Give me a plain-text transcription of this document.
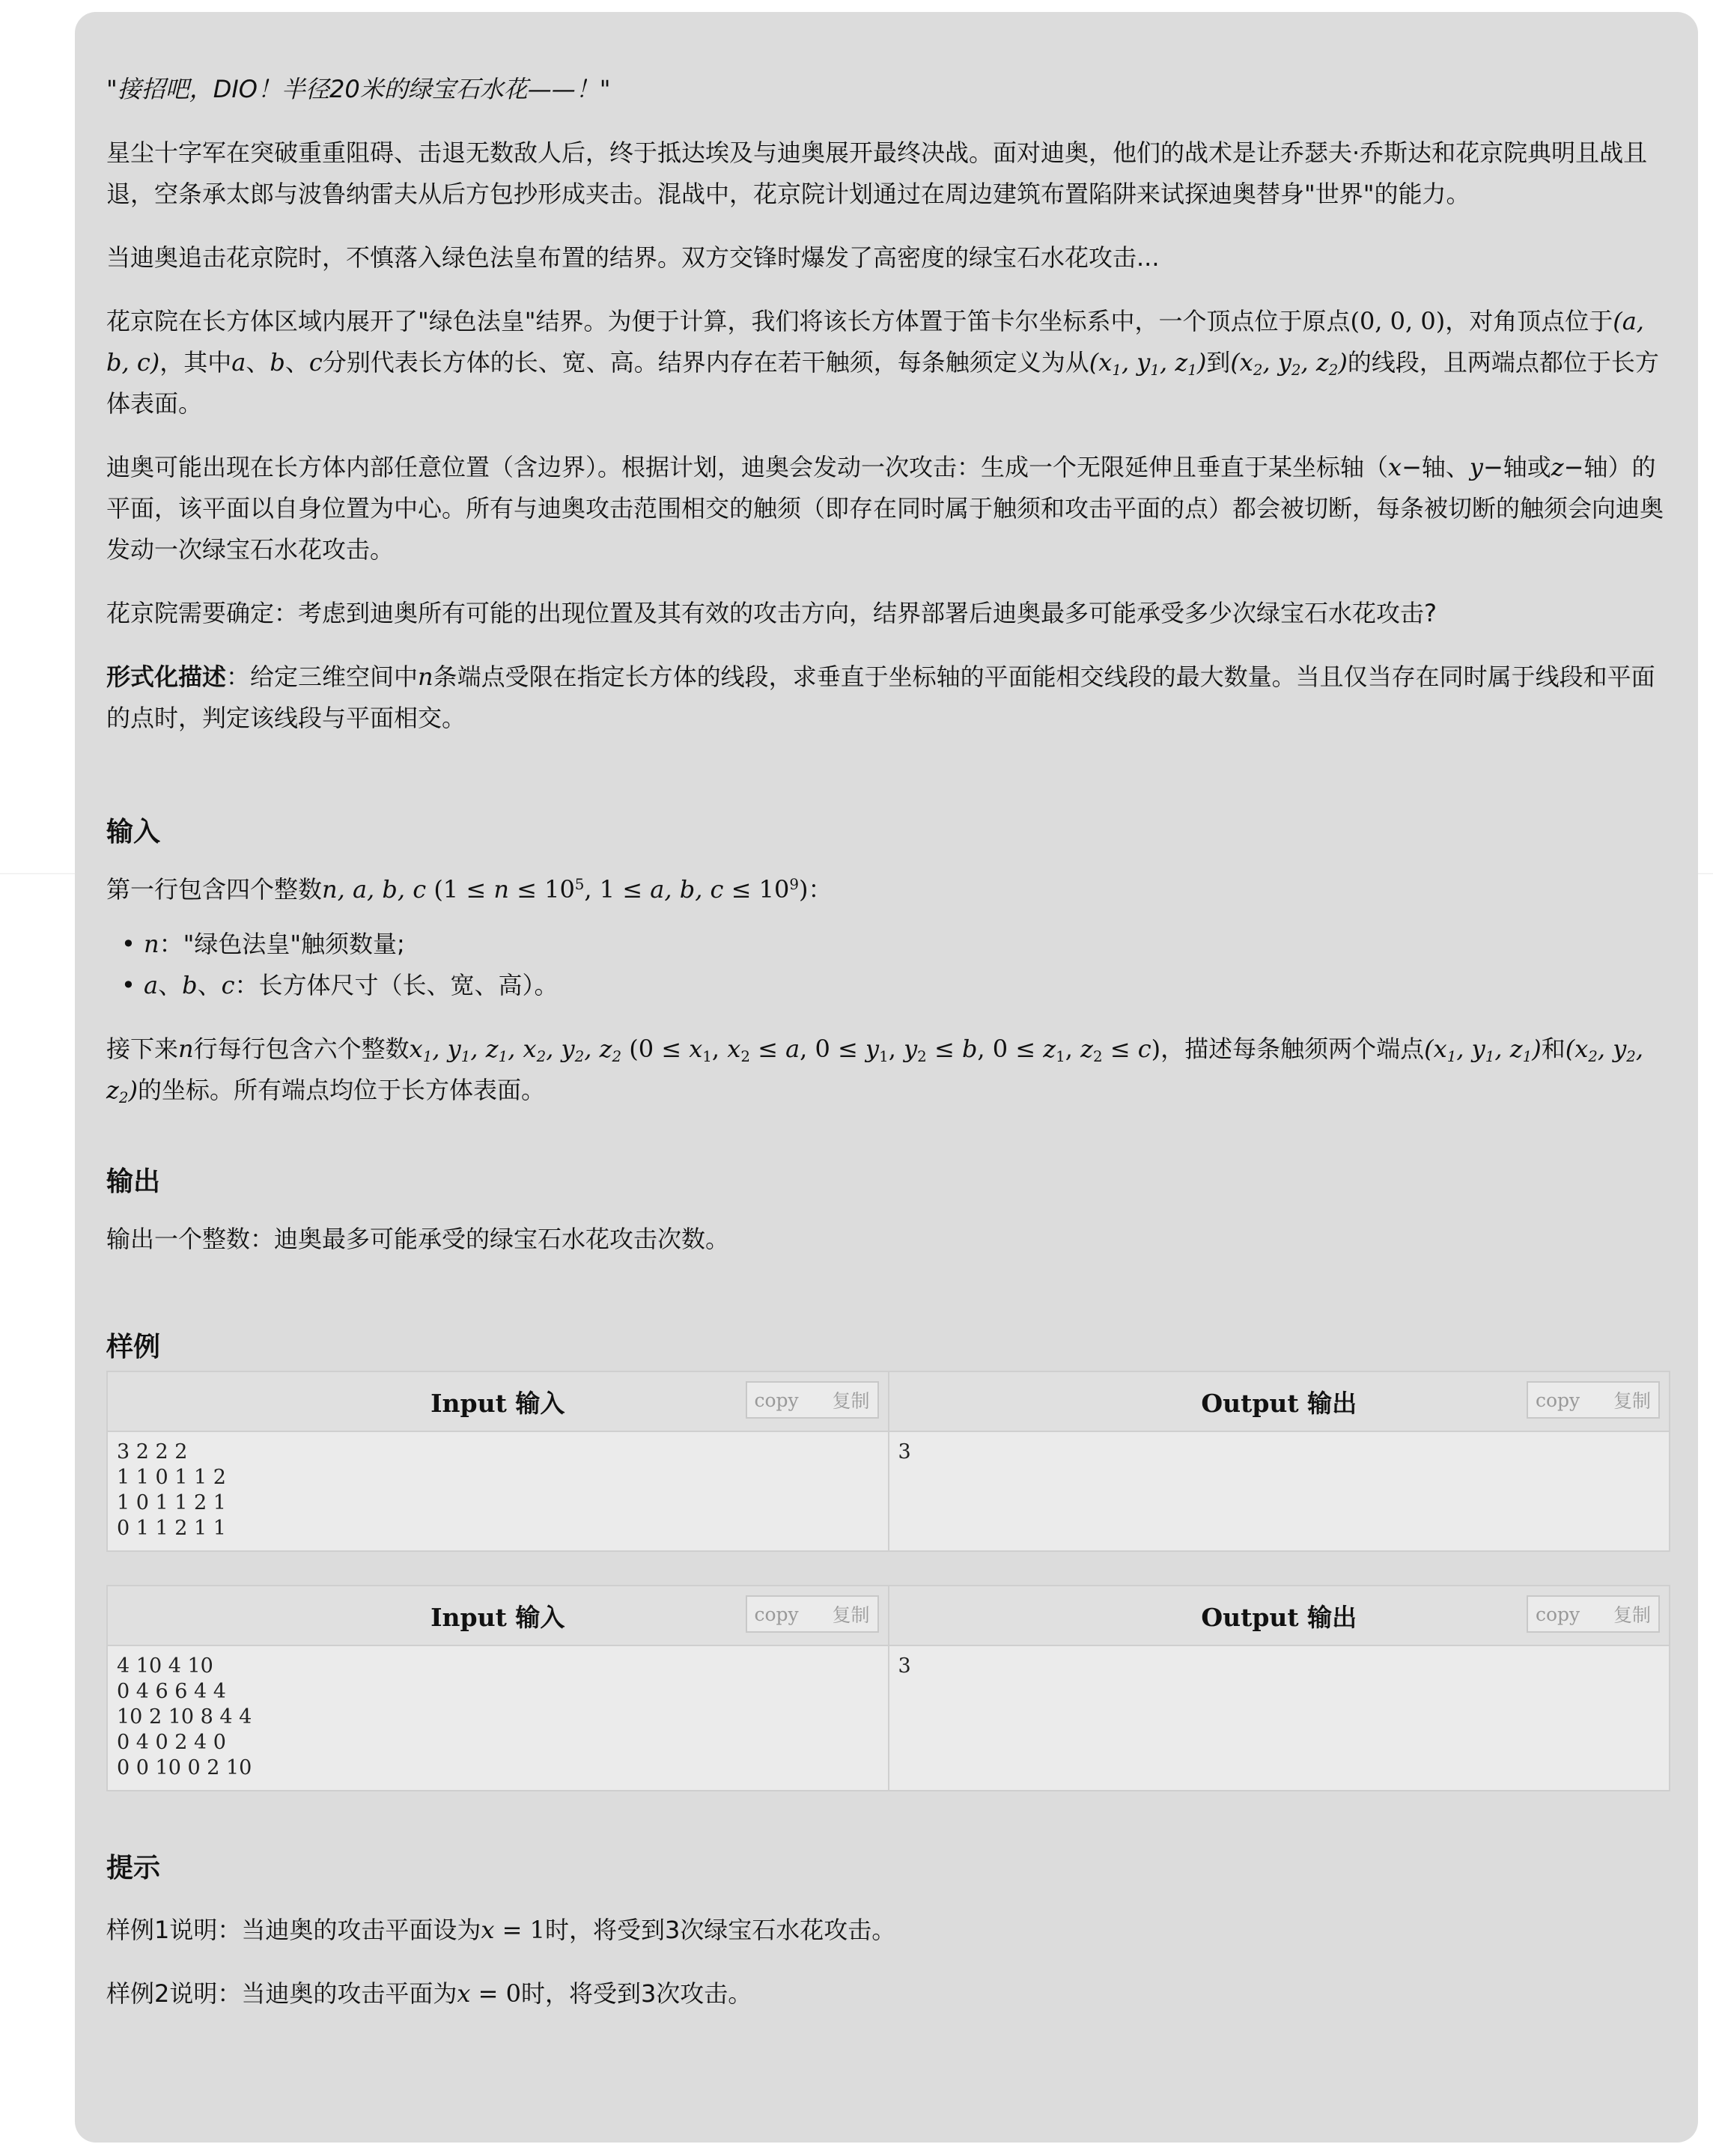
"接招吧，DIO！半径20米的绿宝石水花——！"

星尘十字军在突破重重阻碍、击退无数敌人后，终于抵达埃及与迪奥展开最终决战。面对迪奥，他们的战术是让乔瑟夫·乔斯达和花京院典明且战且退，空条承太郎与波鲁纳雷夫从后方包抄形成夹击。混战中，花京院计划通过在周边建筑布置陷阱来试探迪奥替身"世界"的能力。

当迪奥追击花京院时，不慎落入绿色法皇布置的结界。双方交锋时爆发了高密度的绿宝石水花攻击...

花京院在长方体区域内展开了"绿色法皇"结界。为便于计算，我们将该长方体置于笛卡尔坐标系中，一个顶点位于原点(0, 0, 0)，对角顶点位于(a, b, c)，其中a、b、c分别代表长方体的长、宽、高。结界内存在若干触须，每条触须定义为从($x_1$, $y_1$, $z_1$)到($x_2$, $y_2$, $z_2$)的线段，且两端点都位于长方体表面。

迪奥可能出现在长方体内部任意位置（含边界）。根据计划，迪奥会发动一次攻击：生成一个无限延伸且垂直于某坐标轴（x−轴、y−轴或z−轴）的平面，该平面以自身位置为中心。所有与迪奥攻击范围相交的触须（即存在同时属于触须和攻击平面的点）都会被切断，每条被切断的触须会向迪奥发动一次绿宝石水花攻击。

花京院需要确定：考虑到迪奥所有可能的出现位置及其有效的攻击方向，结界部署后迪奥最多可能承受多少次绿宝石水花攻击?

形式化描述：给定三维空间中n条端点受限在指定长方体的线段，求垂直于坐标轴的平面能相交线段的最大数量。当且仅当存在同时属于线段和平面的点时，判定该线段与平面相交。

输入

第一行包含四个整数n, a, b, c ($1 \le n \le 10^5$, 1 ≤ a, b, $c \le 10^9$)：

• n："绿色法皇"触须数量;
• a、b、c：长方体尺寸（长、宽、高）。

接下来n行每行包含六个整数$x_1$, $y_1$, $z_1$, $x_2$, $y_2$, $z_2$ ($0 \le x_1$, $x_2 \le a$, $0 \le y_1$, $y_2 \le b$, $0 \le z_1$, $z_2 \le c$)，描述每条触须两个端点($x_1$, $y_1$, $z_1$)和($x_2$, $y_2$, $z_2$)的坐标。所有端点均位于长方体表面。

输出

输出一个整数：迪奥最多可能承受的绿宝石水花攻击次数。

样例
Input 输入	copy 复制
3 2 2 2
1 1 0 1 1 2
1 0 1 1 2 1
0 1 1 2 1 1
Output 输出	copy 复制
3
Input 输入	copy 复制
4 10 4 10
0 4 6 6 4 4
10 2 10 8 4 4
0 4 0 2 4 0
0 0 10 0 2 10
Output 输出	copy 复制
3
提示

样例1说明：当迪奥的攻击平面设为x = 1时，将受到3次绿宝石水花攻击。

样例2说明：当迪奥的攻击平面为x = 0时，将受到3次攻击。
